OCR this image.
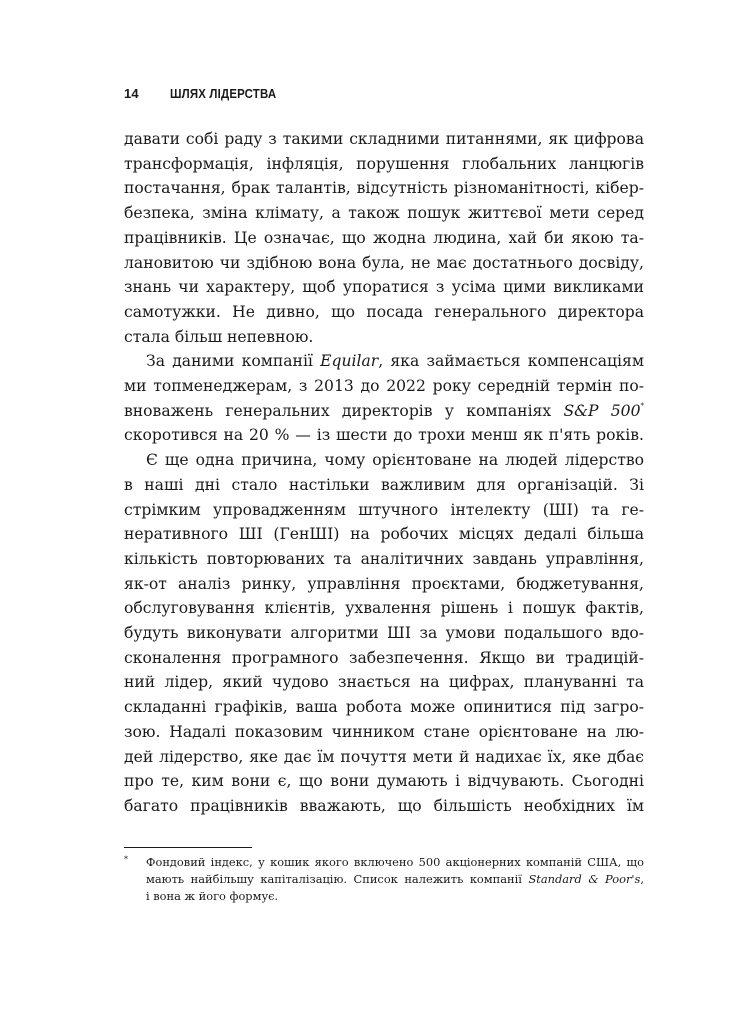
14 ШЛЯХ ЛІДЕРСТВА
давати собі раду з такими складними питаннями, як цифрова
трансформація, інфляція, порушення глобальних ланцюгів
постачання, брак талантів, відсутність різноманітності, кібер-
безпека, зміна клімату, а також пошук життєвої мети серед
працівників. Це означає, що жодна людина, хай би якою та-
лановитою чи здібною вона була, не має достатнього досвіду,
знань чи характеру, щоб упоратися з усіма цими викликами
самотужки. Не дивно, що посада генерального директора
стала більш непевною.
За даними компанії Equilar, яка займається компенсаціям
ми топменеджерам, з 2013 до 2022 року середній термін по-
вноважень генеральних директорів у компаніях S&P 500*
скоротився на 20 % — із шести до трохи менш як п'ять років.
Є ще одна причина, чому орієнтоване на людей лідерство
в наші дні стало настільки важливим для організацій. Зі
стрімким упровадженням штучного інтелекту (ШІ) та ге-
неративного ШІ (ГенШІ) на робочих місцях дедалі більша
кількість повторюваних та аналітичних завдань управління,
як-от аналіз ринку, управління проєктами, бюджетування,
обслуговування клієнтів, ухвалення рішень і пошук фактів,
будуть виконувати алгоритми ШІ за умови подальшого вдо-
сконалення програмного забезпечення. Якщо ви традицій-
ний лідер, який чудово знається на цифрах, плануванні та
складанні графіків, ваша робота може опинитися під загро-
зою. Надалі показовим чинником стане орієнтоване на лю-
дей лідерство, яке дає їм почуття мети й надихає їх, яке дбає
про те, ким вони є, що вони думають і відчувають. Сьогодні
багато працівників вважають, що більшість необхідних їм
*	Фондовий індекс, у кошик якого включено 500 акціонерних компаній США, що
мають найбільшу капіталізацію. Список належить компанії Standard & Poor's,
і вона ж його формує.
